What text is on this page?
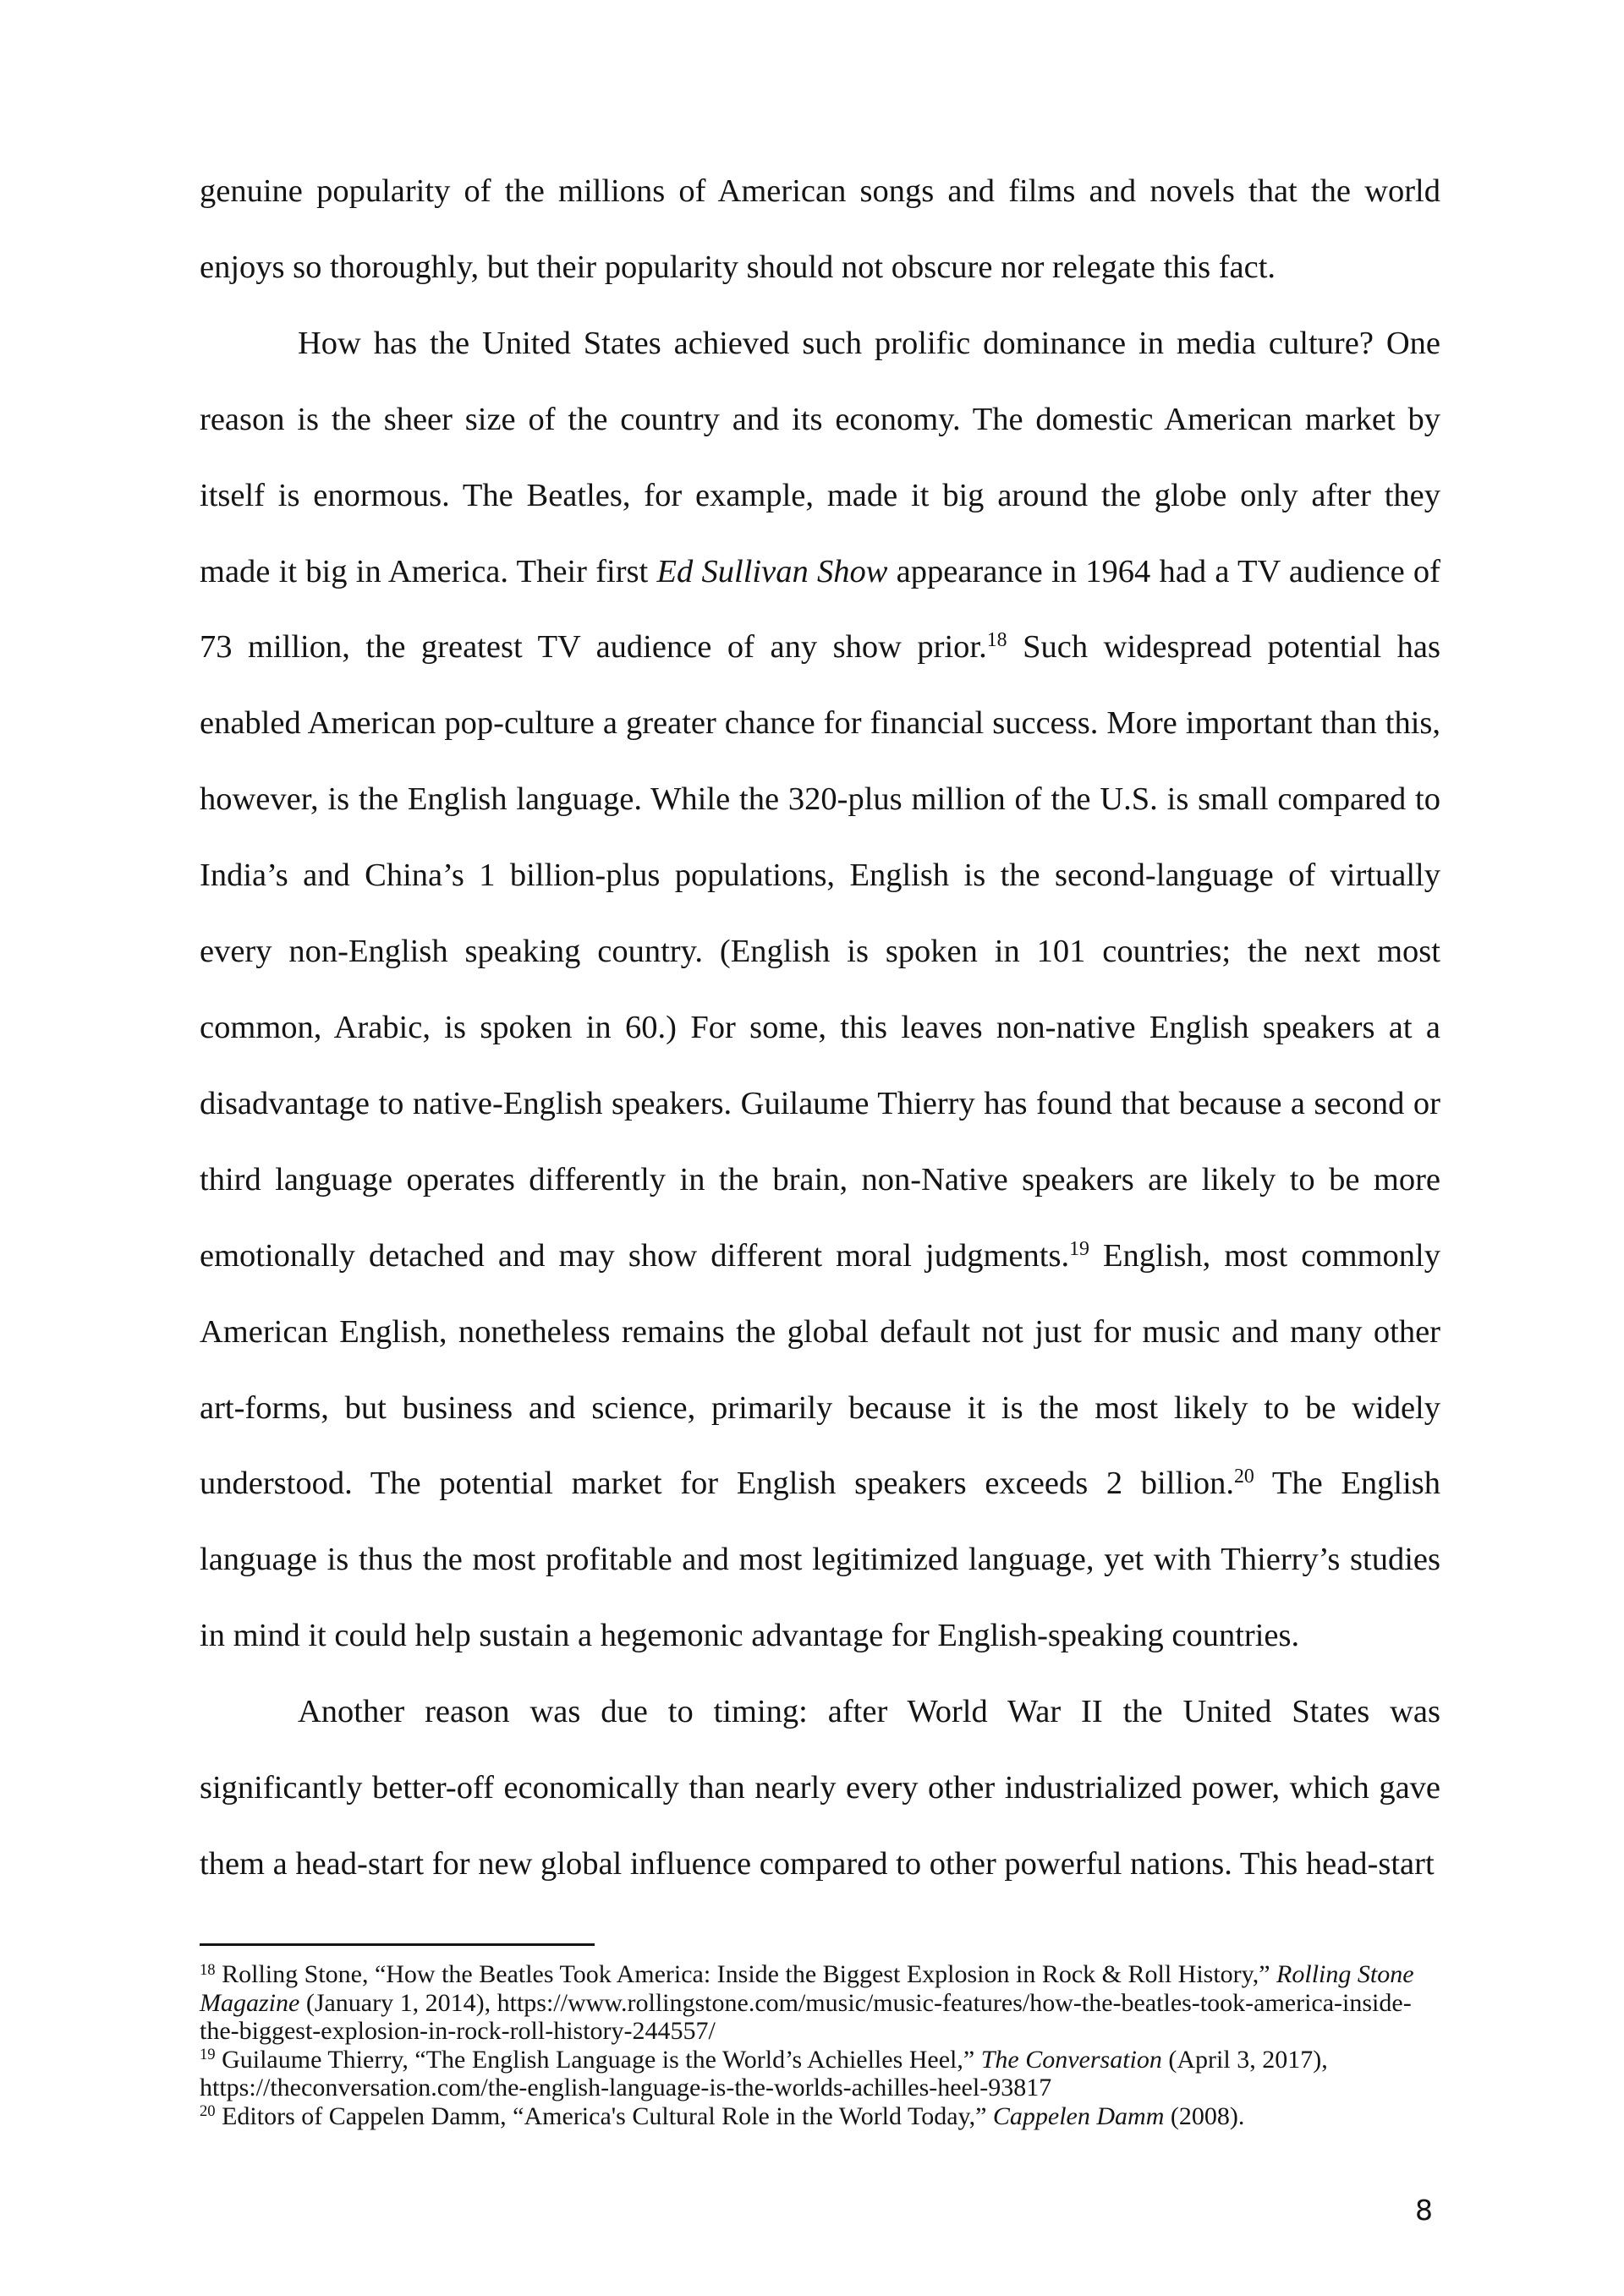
genuine popularity of the millions of American songs and films and novels that the world enjoys so thoroughly, but their popularity should not obscure nor relegate this fact.

How has the United States achieved such prolific dominance in media culture? One reason is the sheer size of the country and its economy. The domestic American market by itself is enormous. The Beatles, for example, made it big around the globe only after they made it big in America. Their first Ed Sullivan Show appearance in 1964 had a TV audience of 73 million, the greatest TV audience of any show prior.$^{18}$ Such widespread potential has enabled American pop-culture a greater chance for financial success. More important than this, however, is the English language. While the 320-plus million of the U.S. is small compared to India’s and China’s 1 billion-plus populations, English is the second-language of virtually every non-English speaking country. (English is spoken in 101 countries; the next most common, Arabic, is spoken in 60.) For some, this leaves non-native English speakers at a disadvantage to native-English speakers. Guilaume Thierry has found that because a second or third language operates differently in the brain, non-Native speakers are likely to be more emotionally detached and may show different moral judgments.$^{19}$ English, most commonly American English, nonetheless remains the global default not just for music and many other art-forms, but business and science, primarily because it is the most likely to be widely understood. The potential market for English speakers exceeds 2 billion.$^{20}$ The English language is thus the most profitable and most legitimized language, yet with Thierry’s studies in mind it could help sustain a hegemonic advantage for English-speaking countries.

Another reason was due to timing: after World War II the United States was significantly better-off economically than nearly every other industrialized power, which gave them a head-start for new global influence compared to other powerful nations. This head-start

$^{18}$ Rolling Stone, “How the Beatles Took America: Inside the Biggest Explosion in Rock & Roll History,” Rolling Stone Magazine (January 1, 2014), https://www.rollingstone.com/music/music-features/how-the-beatles-took-america-inside-the-biggest-explosion-in-rock-roll-history-244557/

$^{19}$ Guilaume Thierry, “The English Language is the World’s Achielles Heel,” The Conversation (April 3, 2017), https://theconversation.com/the-english-language-is-the-worlds-achilles-heel-93817

$^{20}$ Editors of Cappelen Damm, “America's Cultural Role in the World Today,” Cappelen Damm (2008).

8
